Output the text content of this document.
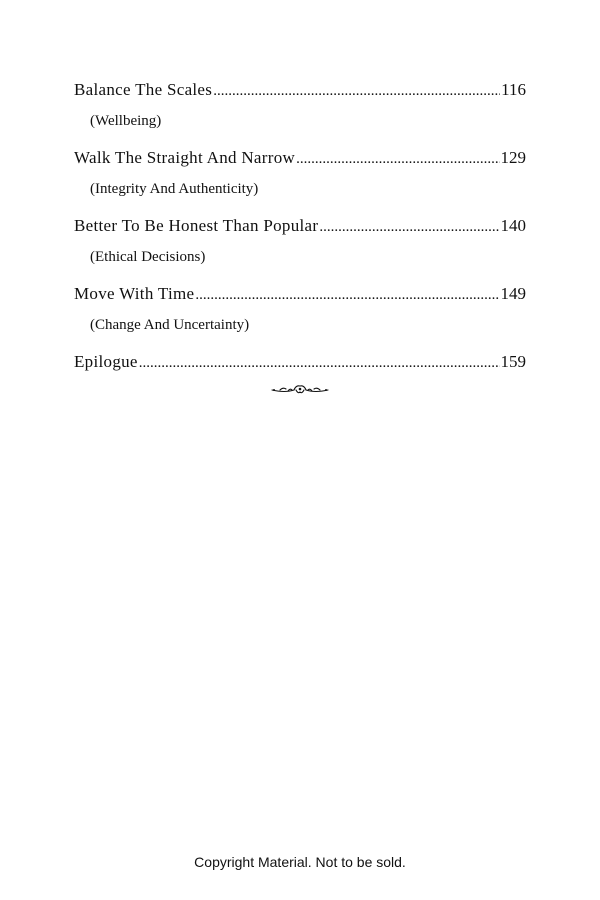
Balance The Scales .....	116
(Wellbeing)
Walk The Straight And Narrow .....	129
(Integrity And Authenticity)
Better To Be Honest Than Popular .....	140
(Ethical Decisions)
Move With Time .....	149
(Change And Uncertainty)
Epilogue .....	159
Copyright Material. Not to be sold.
